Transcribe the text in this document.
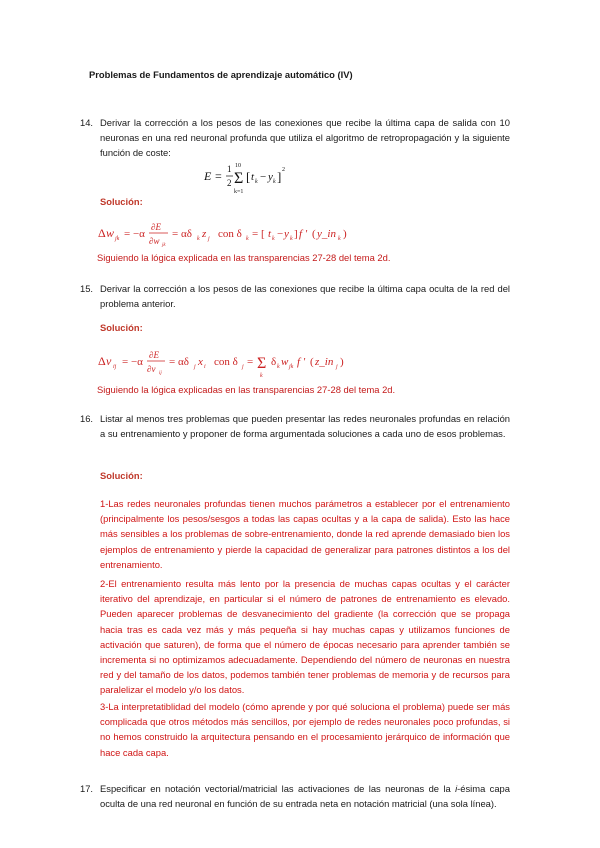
Problemas de Fundamentos de aprendizaje automático (IV)
14. Derivar la corrección a los pesos de las conexiones que recibe la última capa de salida con 10 neuronas en una red neuronal profunda que utiliza el algoritmo de retropropagación y la siguiente función de coste:
E = 1
2
10
Σ
k=1
[ t k − y k ] 2
Solución:
Δ w jk = −α
∂E
∂w jk
= αδ k z j con δ k = [ t k − y k ] f ′ ( y_in k )
Siguiendo la lógica explicada en las transparencias 27-28 del tema 2d.
15. Derivar la corrección a los pesos de las conexiones que recibe la última capa oculta de la red del problema anterior.
Solución:
Δ v ij = −α
∂E
∂v ij
= αδ j x i con δ j = Σ
k
δ k w jk f ′ ( z_in j )
Siguiendo la lógica explicadas en las transparencias 27-28 del tema 2d.
16. Listar al menos tres problemas que pueden presentar las redes neuronales profundas en relación a su entrenamiento y proponer de forma argumentada soluciones a cada uno de esos problemas.
Solución:
1-Las redes neuronales profundas tienen muchos parámetros a establecer por el entrenamiento (principalmente los pesos/sesgos a todas las capas ocultas y a la capa de salida). Esto las hace más sensibles a los problemas de sobre-entrenamiento, donde la red aprende demasiado bien los ejemplos de entrenamiento y pierde la capacidad de generalizar para patrones distintos a los del entrenamiento.
2-El entrenamiento resulta más lento por la presencia de muchas capas ocultas y el carácter iterativo del aprendizaje, en particular si el número de patrones de entrenamiento es elevado. Pueden aparecer problemas de desvanecimiento del gradiente (la corrección que se propaga hacia tras es cada vez más y más pequeña si hay muchas capas y utilizamos funciones de activación que saturen), de forma que el número de épocas necesario para aprender también se incrementa si no optimizamos adecuadamente. Dependiendo del número de neuronas en nuestra red y del tamaño de los datos, podemos también tener problemas de memoria y de recursos para paralelizar el modelo y/o los datos.
3-La interpretatiblidad del modelo (cómo aprende y por qué soluciona el problema) puede ser más complicada que otros métodos más sencillos, por ejemplo de redes neuronales poco profundas, si no hemos construido la arquitectura pensando en el procesamiento jerárquico de información que hace cada capa.
17. Especificar en notación vectorial/matricial las activaciones de las neuronas de la i-ésima capa oculta de una red neuronal en función de su entrada neta en notación matricial (una sola línea).
